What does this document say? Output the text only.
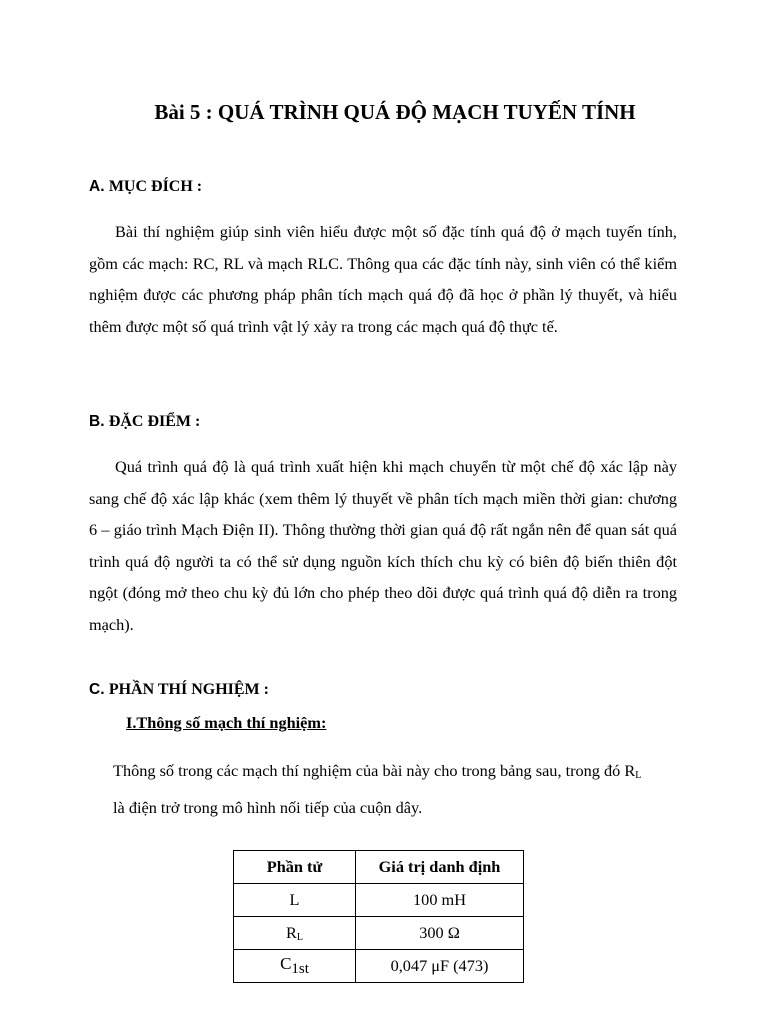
Bài 5 : QUÁ TRÌNH QUÁ ĐỘ MẠCH TUYẾN TÍNH
A. MỤC ĐÍCH :
Bài thí nghiệm giúp sinh viên hiểu được một số đặc tính quá độ ở mạch tuyến tính, gồm các mạch: RC, RL và mạch RLC. Thông qua các đặc tính này, sinh viên có thể kiểm nghiệm được các phương pháp phân tích mạch quá độ đã học ở phần lý thuyết, và hiểu thêm được một số quá trình vật lý xảy ra trong các mạch quá độ thực tế.
B. ĐẶC ĐIỂM :
Quá trình quá độ là quá trình xuất hiện khi mạch chuyển từ một chế độ xác lập này sang chế độ xác lập khác (xem thêm lý thuyết về phân tích mạch miền thời gian: chương 6 – giáo trình Mạch Điện II). Thông thường thời gian quá độ rất ngắn nên để quan sát quá trình quá độ người ta có thể sử dụng nguồn kích thích chu kỳ có biên độ biến thiên đột ngột (đóng mở theo chu kỳ đủ lớn cho phép theo dõi được quá trình quá độ diễn ra trong mạch).
C. PHẦN THÍ NGHIỆM :
I.Thông số mạch thí nghiệm:
Thông số trong các mạch thí nghiệm của bài này cho trong bảng sau, trong đó $R_L$
là điện trở trong mô hình nối tiếp của cuộn dây.
Phần tử	Giá trị danh định
L	100 mH
$R_L$	300 Ω
C1st	0,047 μF (473)
